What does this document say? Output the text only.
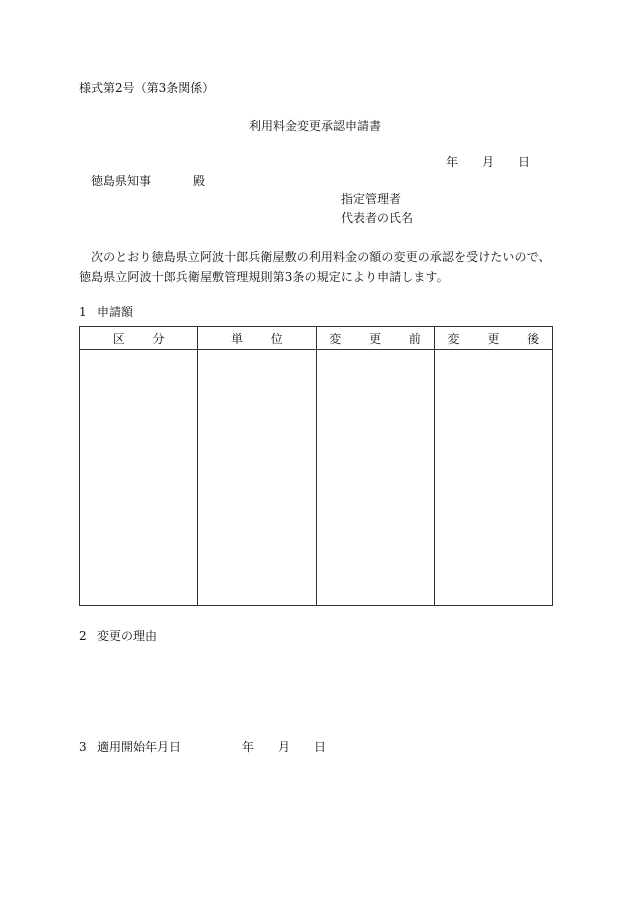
様式第2号（第3条関係）
利用料金変更承認申請書
年 月 日
徳島県知事	殿
指定管理者
代表者の氏名
次のとおり徳島県立阿波十郎兵衛屋敷の利用料金の額の変更の承認を受けたいので、徳島県立阿波十郎兵衛屋敷管理規則第3条の規定により申請します。
1 申請額
区 分	単 位	変 更 前	変 更 後

2 変更の理由
3 適用開始年月日	年 月 日
